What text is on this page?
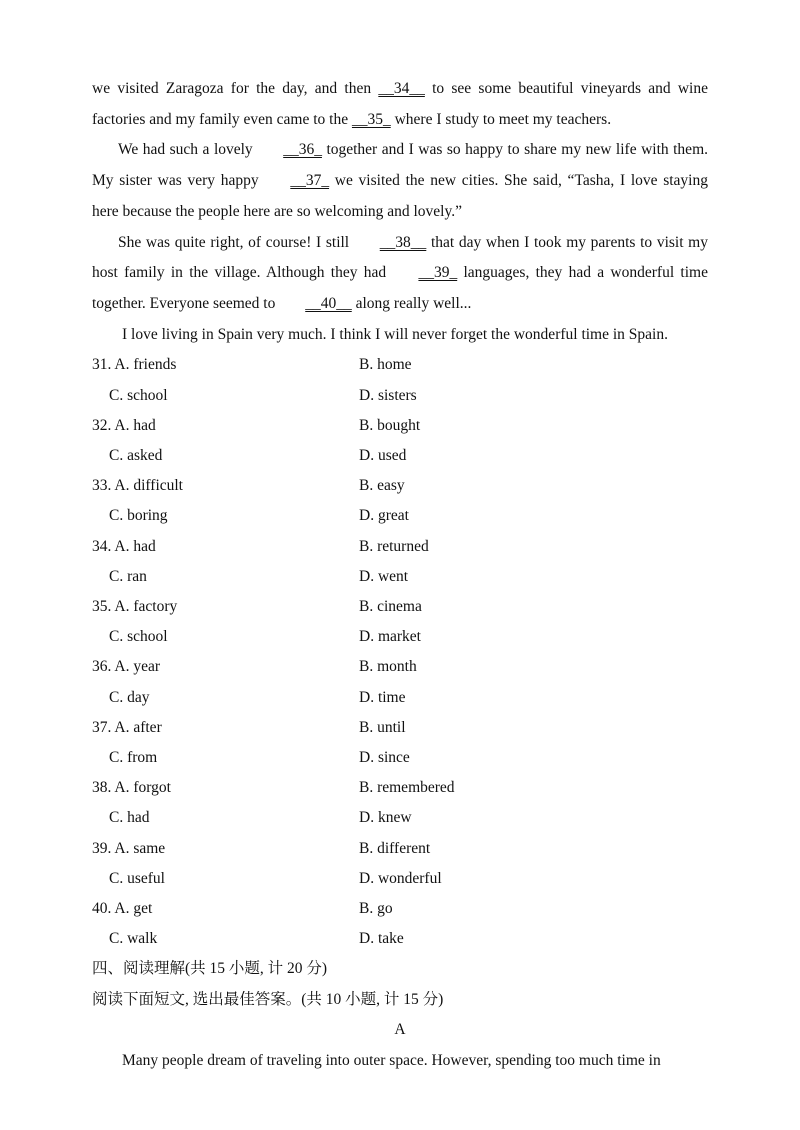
we visited Zaragoza for the day, and then __34__ to see some beautiful vineyards and wine factories and my family even came to the __35_ where I study to meet my teachers.

We had such a lovely __36_ together and I was so happy to share my new life with them. My sister was very happy __37_ we visited the new cities. She said, “Tasha, I love staying here because the people here are so welcoming and lovely.”

She was quite right, of course! I still __38__ that day when I took my parents to visit my host family in the village. Although they had __39_ languages, they had a wonderful time together. Everyone seemed to __40__ along really well...

I love living in Spain very much. I think I will never forget the wonderful time in Spain.

31. A. friends	B. home
C. school	D. sisters
32. A. had	B. bought
C. asked	D. used
33. A. difficult	B. easy
C. boring	D. great
34. A. had	B. returned
C. ran	D. went
35. A. factory	B. cinema
C. school	D. market
36. A. year	B. month
C. day	D. time
37. A. after	B. until
C. from	D. since
38. A. forgot	B. remembered
C. had	D. knew
39. A. same	B. different
C. useful	D. wonderful
40. A. get	B. go
C. walk	D. take
四、阅读理解(共 15 小题, 计 20 分)
阅读下面短文, 选出最佳答案。(共 10 小题, 计 15 分)
A

Many people dream of traveling into outer space. However, spending too much time in
